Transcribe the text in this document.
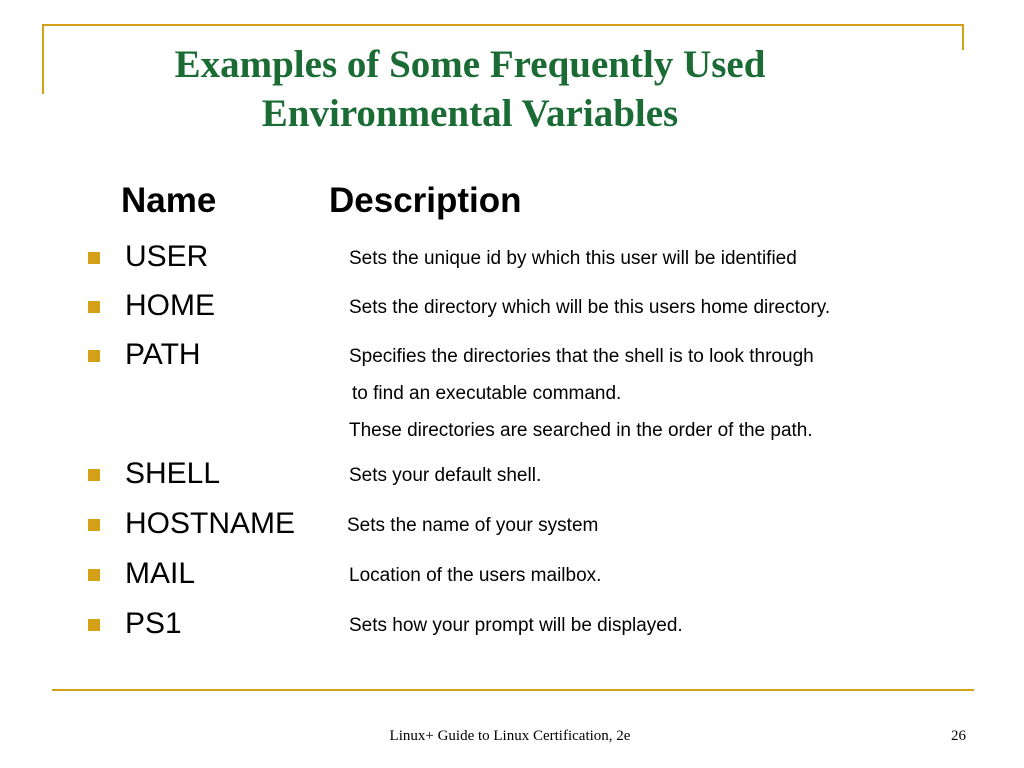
Examples of Some Frequently Used
Environmental Variables
Name	Description
USER	Sets the unique id by which this user will be identified
HOME	Sets the directory which will be this users home directory.
PATH	Specifies the directories that the shell is to look through
to find an executable command.
These directories are searched in the order of the path.
SHELL	Sets your default shell.
HOSTNAME	Sets the name of your system
MAIL	Location of the users mailbox.
PS1	Sets how your prompt will be displayed.
Linux+ Guide to Linux Certification, 2e	26
